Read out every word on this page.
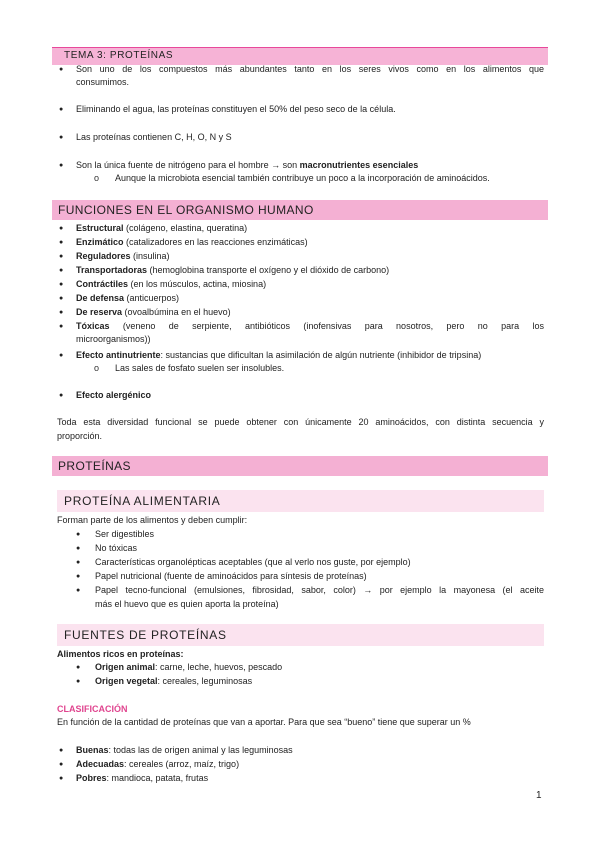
TEMA 3: PROTEÍNAS
● Son uno de los compuestos más abundantes tanto en los seres vivos como en los alimentos que
consumimos.
● Eliminando el agua, las proteínas constituyen el 50% del peso seco de la célula.
● Las proteínas contienen C, H, O, N y S
● Son la única fuente de nitrógeno para el hombre → son macronutrientes esenciales
o Aunque la microbiota esencial también contribuye un poco a la incorporación de aminoácidos.
FUNCIONES EN EL ORGANISMO HUMANO
● Estructural (colágeno, elastina, queratina)
● Enzimático (catalizadores en las reacciones enzimáticas)
● Reguladores (insulina)
● Transportadoras (hemoglobina transporte el oxígeno y el dióxido de carbono)
● Contráctiles (en los músculos, actina, miosina)
● De defensa (anticuerpos)
● De reserva (ovoalbúmina en el huevo)
● Tóxicas (veneno de serpiente, antibióticos (inofensivas para nosotros, pero no para los
microorganismos))
● Efecto antinutriente: sustancias que dificultan la asimilación de algún nutriente (inhibidor de tripsina)
o Las sales de fosfato suelen ser insolubles.
● Efecto alergénico
Toda esta diversidad funcional se puede obtener con únicamente 20 aminoácidos, con distinta secuencia y
proporción.
PROTEÍNAS
PROTEÍNA ALIMENTARIA
Forman parte de los alimentos y deben cumplir:
● Ser digestibles
● No tóxicas
● Características organolépticas aceptables (que al verlo nos guste, por ejemplo)
● Papel nutricional (fuente de aminoácidos para síntesis de proteínas)
● Papel tecno-funcional (emulsiones, fibrosidad, sabor, color) → por ejemplo la mayonesa (el aceite
más el huevo que es quien aporta la proteína)
FUENTES DE PROTEÍNAS
Alimentos ricos en proteínas:
● Origen animal: carne, leche, huevos, pescado
● Origen vegetal: cereales, leguminosas
CLASIFICACIÓN
En función de la cantidad de proteínas que van a aportar. Para que sea “bueno” tiene que superar un %
● Buenas: todas las de origen animal y las leguminosas
● Adecuadas: cereales (arroz, maíz, trigo)
● Pobres: mandioca, patata, frutas
1
